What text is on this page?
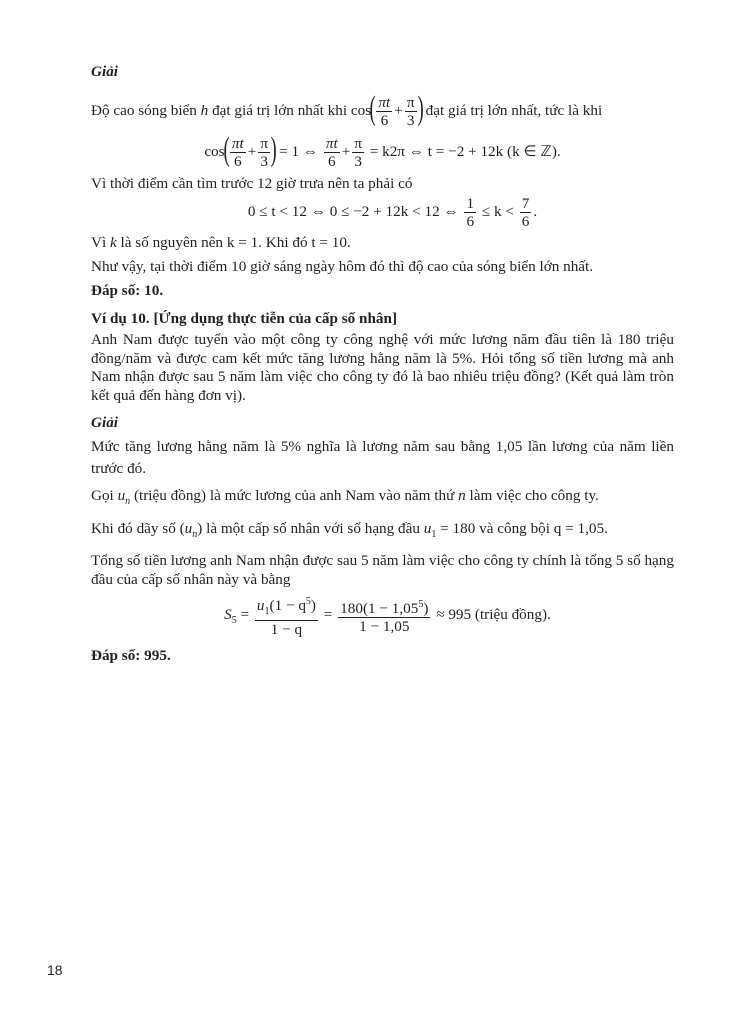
Giải
Độ cao sóng biển h đạt giá trị lớn nhất khi $\cos( \frac{\pi t}{6} + \frac{\pi}{3}$ ) đạt giá trị lớn nhất, tức là khi
$\cos( \frac{\pi t}{6} + \frac{\pi}{3}$ ) = 1 ⇔ $\frac{\pi t}{6} + \frac{\pi}{3} = k2\pi$ ⇔ t = −2 + 12k (k ∈ ℤ).
Vì thời điểm cần tìm trước 12 giờ trưa nên ta phải có
0 ≤ t < 12 ⇔ 0 ≤ −2 + 12k < 12 ⇔ $\frac{1}{6} \le k < \frac{7}{6}$ .
Vì k là số nguyên nên k = 1. Khi đó t = 10.
Như vậy, tại thời điểm 10 giờ sáng ngày hôm đó thì độ cao của sóng biển lớn nhất.
Đáp số: 10.
Ví dụ 10. [Ứng dụng thực tiễn của cấp số nhân]
Anh Nam được tuyển vào một công ty công nghệ với mức lương năm đầu tiên là 180 triệu đồng/năm và được cam kết mức tăng lương hằng năm là 5%. Hỏi tổng số tiền lương mà anh Nam nhận được sau 5 năm làm việc cho công ty đó là bao nhiêu triệu đồng? (Kết quả làm tròn kết quả đến hàng đơn vị).
Giải
Mức tăng lương hằng năm là 5% nghĩa là lương năm sau bằng 1,05 lần lương của năm liền trước đó.
Gọi $u_n$ (triệu đồng) là mức lương của anh Nam vào năm thứ n làm việc cho công ty.
Khi đó dãy số $(u_n)$ là một cấp số nhân với số hạng đầu $u_1 = 180$ và công bội q = 1,05.
Tổng số tiền lương anh Nam nhận được sau 5 năm làm việc cho công ty chính là tổng 5 số hạng đầu của cấp số nhân này và bằng
$S_5 = \frac{u_1(1 - q^5)}{1 - q} = \frac{180(1 - 1,05^5)}{1 - 1,05} \approx 995$ (triệu đồng).
Đáp số: 995.
18
